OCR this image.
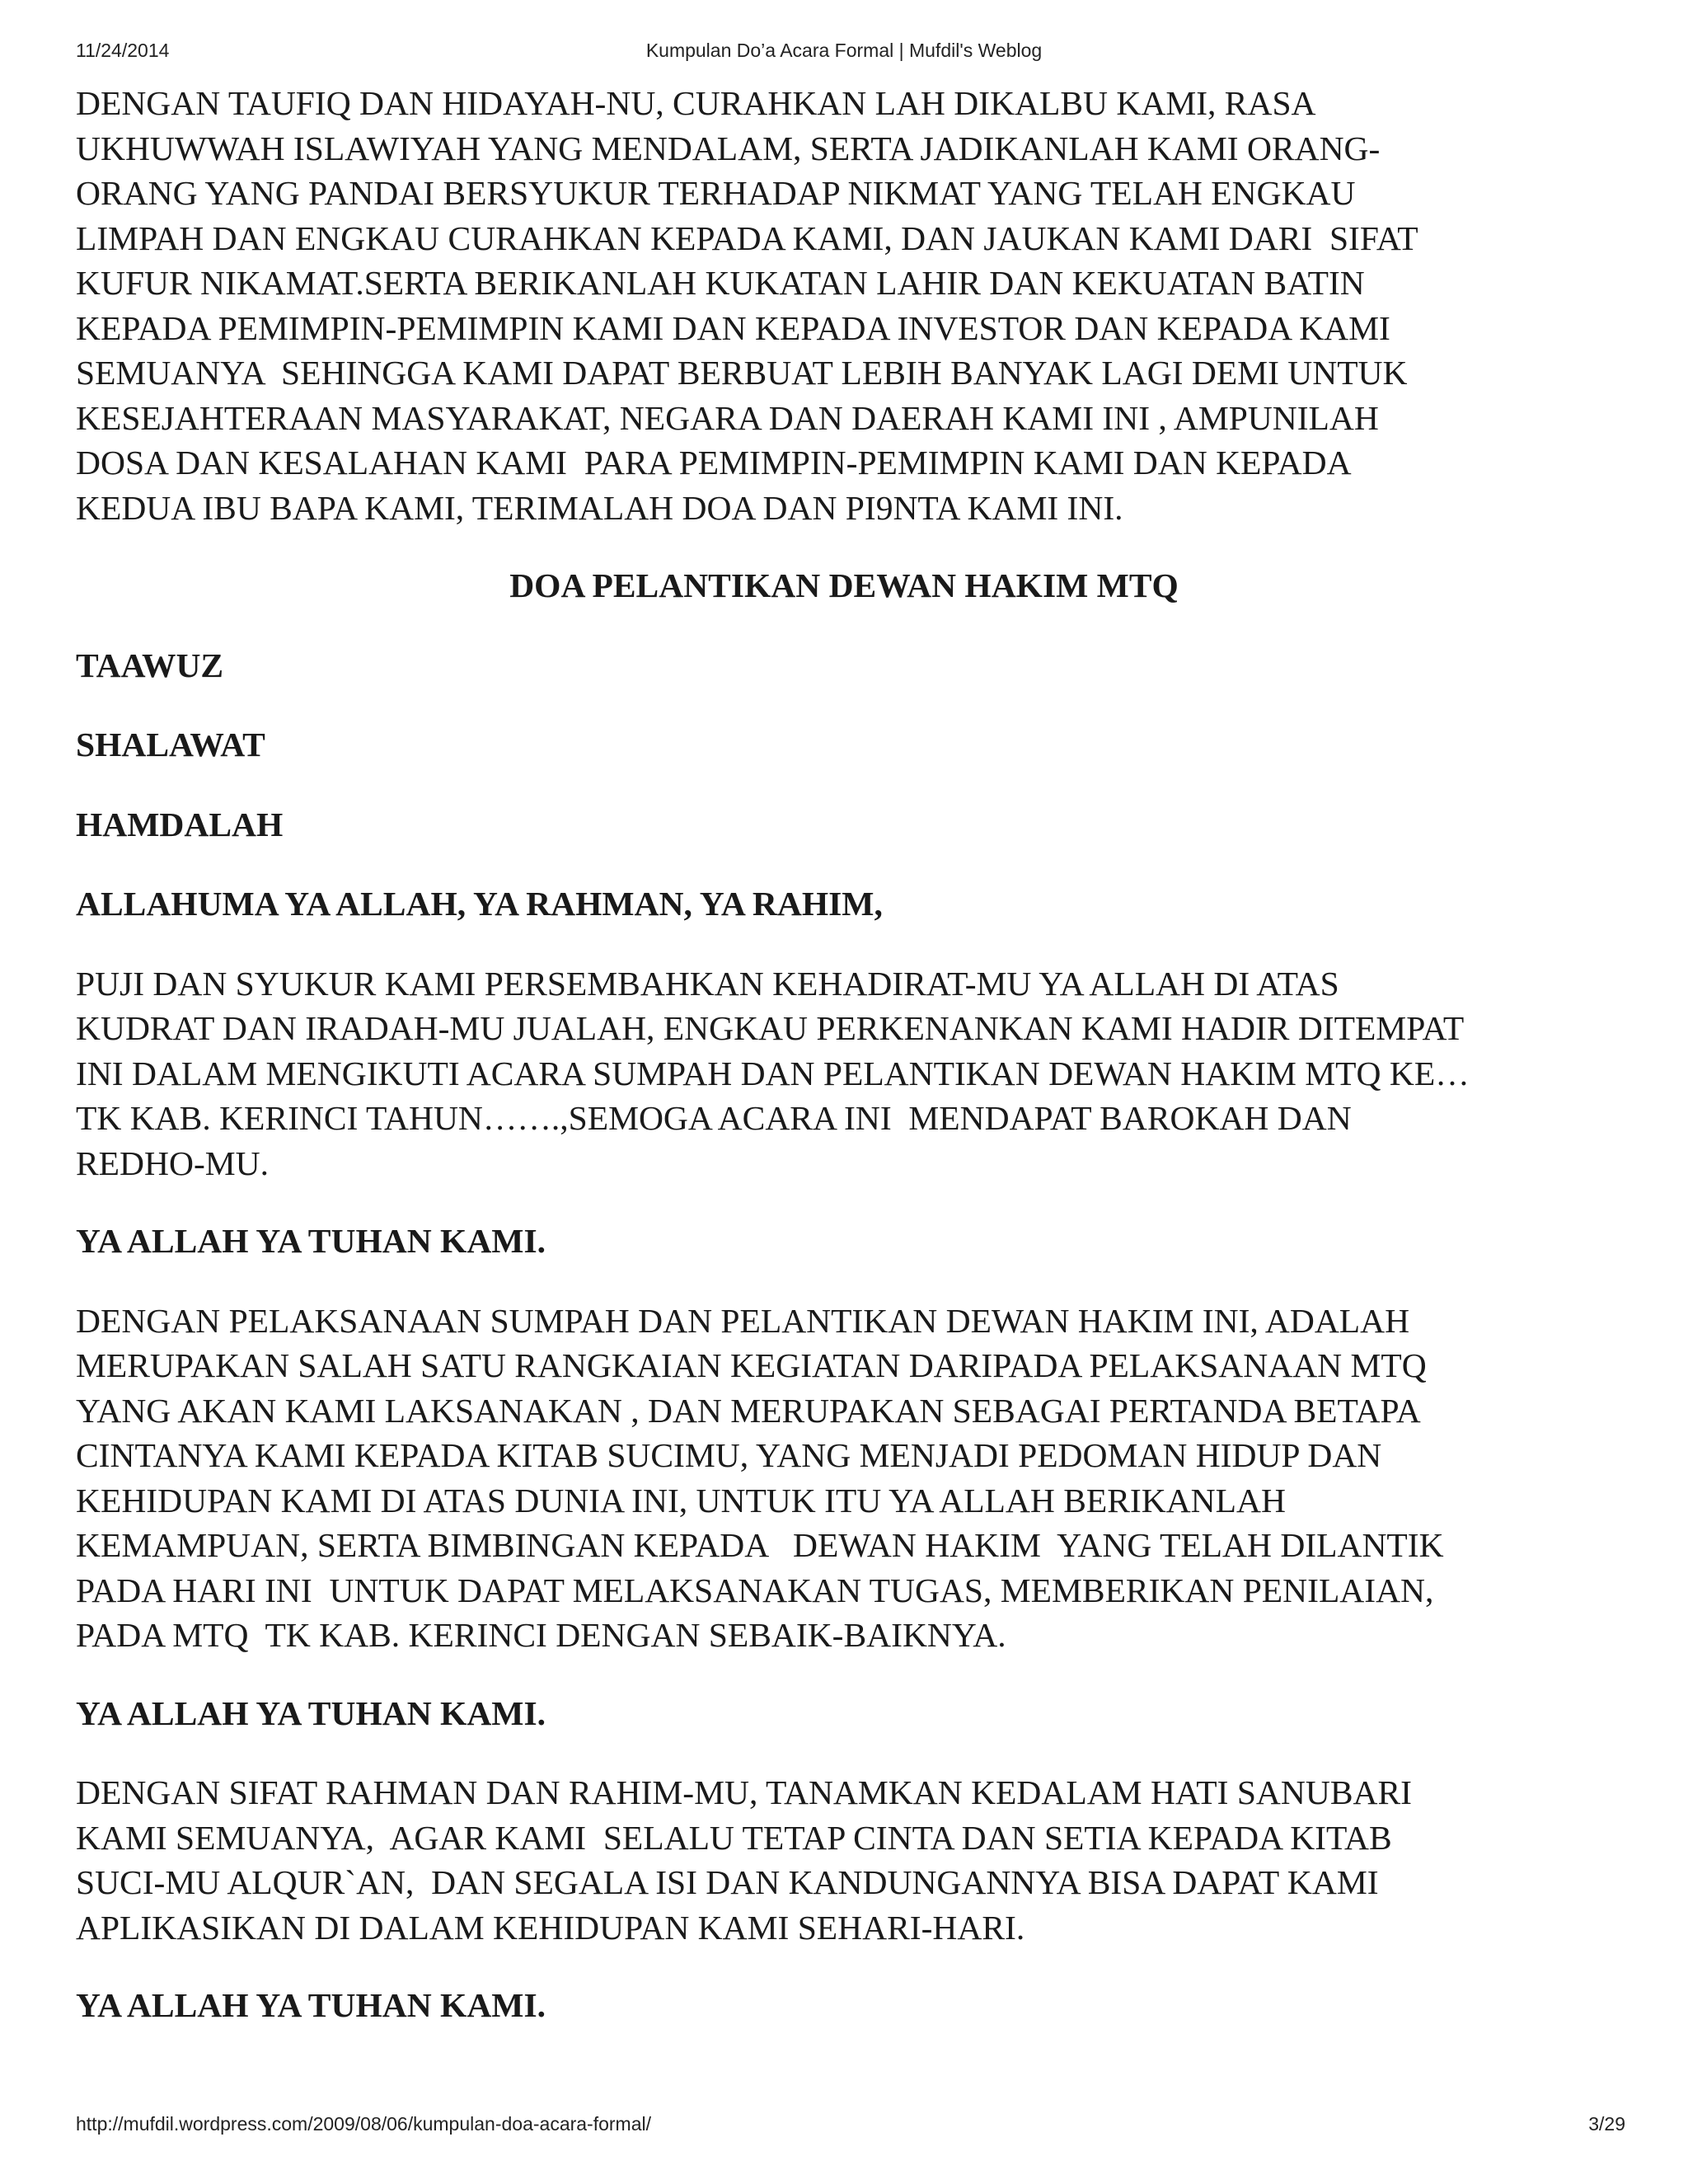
11/24/2014	Kumpulan Do’a Acara Formal | Mufdil's Weblog

DENGAN TAUFIQ DAN HIDAYAH-NU, CURAHKAN LAH DIKALBU KAMI, RASA
UKHUWWAH ISLAWIYAH YANG MENDALAM, SERTA JADIKANLAH KAMI ORANG-
ORANG YANG PANDAI BERSYUKUR TERHADAP NIKMAT YANG TELAH ENGKAU
LIMPAH DAN ENGKAU CURAHKAN KEPADA KAMI, DAN JAUKAN KAMI DARI  SIFAT
KUFUR NIKAMAT.SERTA BERIKANLAH KUKATAN LAHIR DAN KEKUATAN BATIN
KEPADA PEMIMPIN-PEMIMPIN KAMI DAN KEPADA INVESTOR DAN KEPADA KAMI
SEMUANYA  SEHINGGA KAMI DAPAT BERBUAT LEBIH BANYAK LAGI DEMI UNTUK
KESEJAHTERAAN MASYARAKAT, NEGARA DAN DAERAH KAMI INI , AMPUNILAH
DOSA DAN KESALAHAN KAMI  PARA PEMIMPIN-PEMIMPIN KAMI DAN KEPADA
KEDUA IBU BAPA KAMI, TERIMALAH DOA DAN PI9NTA KAMI INI.

DOA PELANTIKAN DEWAN HAKIM MTQ
TAAWUZ
SHALAWAT
HAMDALAH
ALLAHUMA YA ALLAH, YA RAHMAN, YA RAHIM,

PUJI DAN SYUKUR KAMI PERSEMBAHKAN KEHADIRAT-MU YA ALLAH DI ATAS
KUDRAT DAN IRADAH-MU JUALAH, ENGKAU PERKENANKAN KAMI HADIR DITEMPAT
INI DALAM MENGIKUTI ACARA SUMPAH DAN PELANTIKAN DEWAN HAKIM MTQ KE…
TK KAB. KERINCI TAHUN…….,SEMOGA ACARA INI  MENDAPAT BAROKAH DAN
REDHO-MU.

YA ALLAH YA TUHAN KAMI.

DENGAN PELAKSANAAN SUMPAH DAN PELANTIKAN DEWAN HAKIM INI, ADALAH
MERUPAKAN SALAH SATU RANGKAIAN KEGIATAN DARIPADA PELAKSANAAN MTQ
YANG AKAN KAMI LAKSANAKAN , DAN MERUPAKAN SEBAGAI PERTANDA BETAPA
CINTANYA KAMI KEPADA KITAB SUCIMU, YANG MENJADI PEDOMAN HIDUP DAN
KEHIDUPAN KAMI DI ATAS DUNIA INI, UNTUK ITU YA ALLAH BERIKANLAH
KEMAMPUAN, SERTA BIMBINGAN KEPADA   DEWAN HAKIM  YANG TELAH DILANTIK
PADA HARI INI  UNTUK DAPAT MELAKSANAKAN TUGAS, MEMBERIKAN PENILAIAN,
PADA MTQ  TK KAB. KERINCI DENGAN SEBAIK-BAIKNYA.

YA ALLAH YA TUHAN KAMI.

DENGAN SIFAT RAHMAN DAN RAHIM-MU, TANAMKAN KEDALAM HATI SANUBARI
KAMI SEMUANYA,  AGAR KAMI  SELALU TETAP CINTA DAN SETIA KEPADA KITAB
SUCI-MU ALQUR`AN,  DAN SEGALA ISI DAN KANDUNGANNYA BISA DAPAT KAMI
APLIKASIKAN DI DALAM KEHIDUPAN KAMI SEHARI-HARI.

YA ALLAH YA TUHAN KAMI.
http://mufdil.wordpress.com/2009/08/06/kumpulan-doa-acara-formal/	3/29
